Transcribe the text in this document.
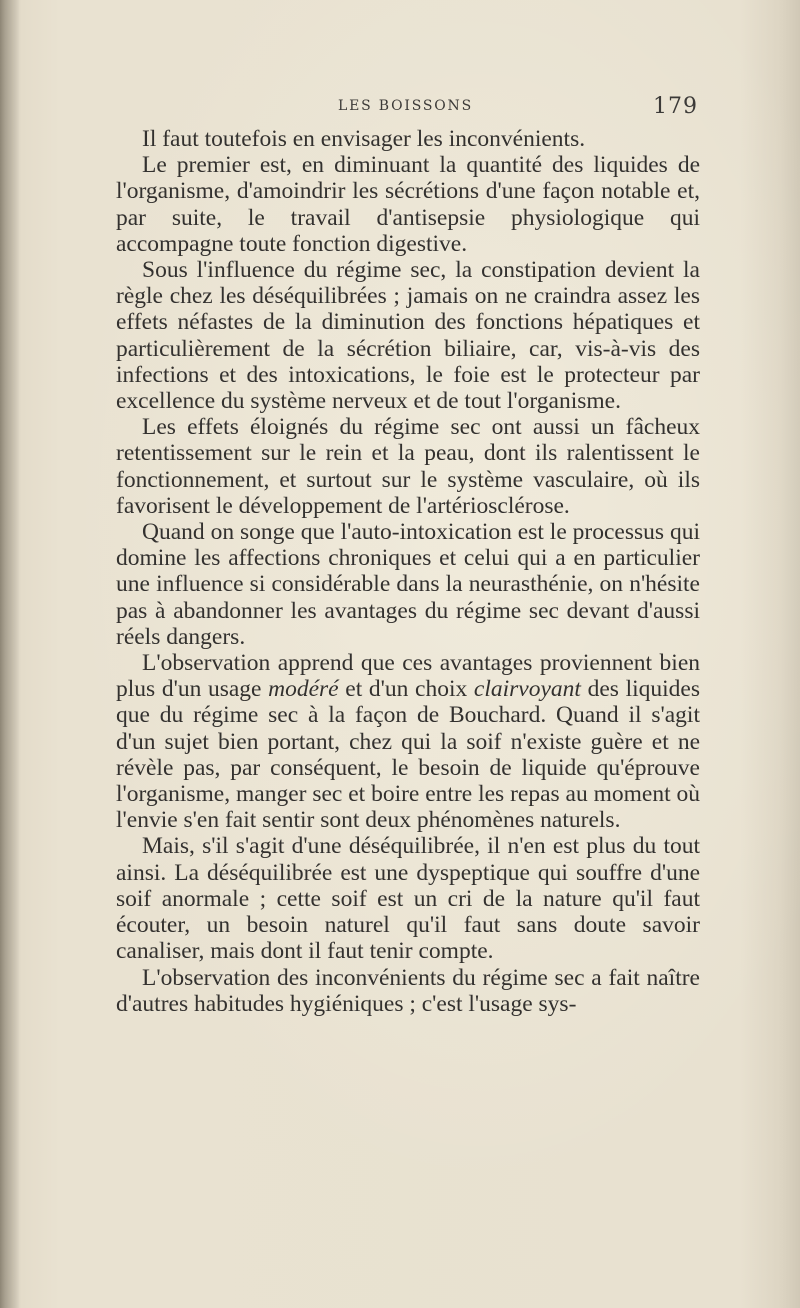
LES BOISSONS	179

Il faut toutefois en envisager les inconvénients.

Le premier est, en diminuant la quantité des liquides de l'organisme, d'amoindrir les sécrétions d'une façon notable et, par suite, le travail d'antisepsie physiologique qui accompagne toute fonction digestive.

Sous l'influence du régime sec, la constipation devient la règle chez les déséquilibrées ; jamais on ne craindra assez les effets néfastes de la diminution des fonctions hépatiques et particulièrement de la sécrétion biliaire, car, vis-à-vis des infections et des intoxications, le foie est le protecteur par excellence du système nerveux et de tout l'organisme.

Les effets éloignés du régime sec ont aussi un fâcheux retentissement sur le rein et la peau, dont ils ralentissent le fonctionnement, et surtout sur le système vasculaire, où ils favorisent le développement de l'artériosclérose.

Quand on songe que l'auto-intoxication est le processus qui domine les affections chroniques et celui qui a en particulier une influence si considérable dans la neurasthénie, on n'hésite pas à abandonner les avantages du régime sec devant d'aussi réels dangers.

L'observation apprend que ces avantages proviennent bien plus d'un usage modéré et d'un choix clairvoyant des liquides que du régime sec à la façon de Bouchard. Quand il s'agit d'un sujet bien portant, chez qui la soif n'existe guère et ne révèle pas, par conséquent, le besoin de liquide qu'éprouve l'organisme, manger sec et boire entre les repas au moment où l'envie s'en fait sentir sont deux phénomènes naturels.

Mais, s'il s'agit d'une déséquilibrée, il n'en est plus du tout ainsi. La déséquilibrée est une dyspeptique qui souffre d'une soif anormale ; cette soif est un cri de la nature qu'il faut écouter, un besoin naturel qu'il faut sans doute savoir canaliser, mais dont il faut tenir compte.

L'observation des inconvénients du régime sec a fait naître d'autres habitudes hygiéniques ; c'est l'usage sys-
